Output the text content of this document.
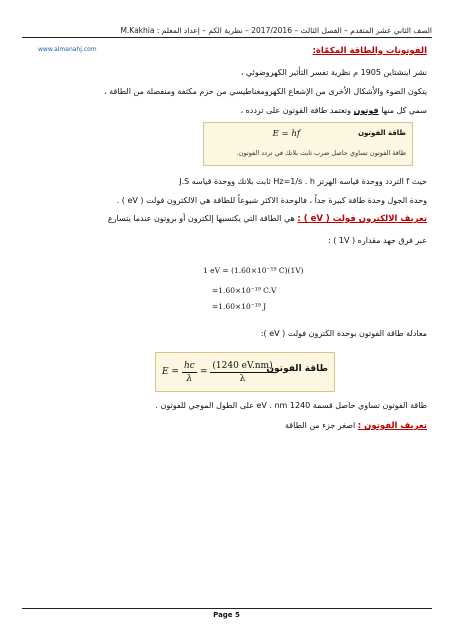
الصف الثاني عشر المتقدم – الفصل الثالث – 2017/2016 – نظرية الكم – إعداد المعلم : M.Kakhia
www.almanahj.com	الفوتونات والطاقة المكمّاة:
نشر اينشتاين 1905 م نظرية تفسر التأثير الكهروضوئي ،
يتكون الضوء والأشكال الأخرى من الإشعاع الكهرومغناطيسي من حزم مكثفة ومنفصلة من الطاقة ،
سمي كل منها فوتون وتعتمد طاقة الفوتون على تردده ،
E = hf	طاقة الفوتون
طاقة الفوتون تساوي حاصل ضرب ثابت بلانك في تردد الفوتون.
حيث f التردد ووحدة قياسه الهرتز Hz=1/s . h ثابت بلانك ووحدة قياسه J.S
وحدة الجول وحدة طاقة كبيرة جداً ، فالوحدة الاكثر شيوعاً للطاقة هي الالكترون فولت ( eV ) .
تعريف الالكترون فولت ( eV ) : هي الطاقة التي يكتسبها إلكترون أو بروتون عندما يتسارع
عبر فرق جهد مقداره ( 1V ) :
1 eV = (1.60×10⁻¹⁹ C)(1V)
=1.60×10⁻¹⁹ C.V
=1.60×10⁻¹⁹ J
معادلة طاقة الفوتون بوحدة الكترون فولت ( eV ):
$E = \frac{hc}{\lambda} = \frac{(1240 eV.nm)}{\lambda}$
طاقة الفوتون
طاقة الفوتون تساوي حاصل قسمة 1240 eV . nm على الطول الموجي للفوتون .
تعريف الفوتون : اصغر جزء من الطاقة
Page 5
